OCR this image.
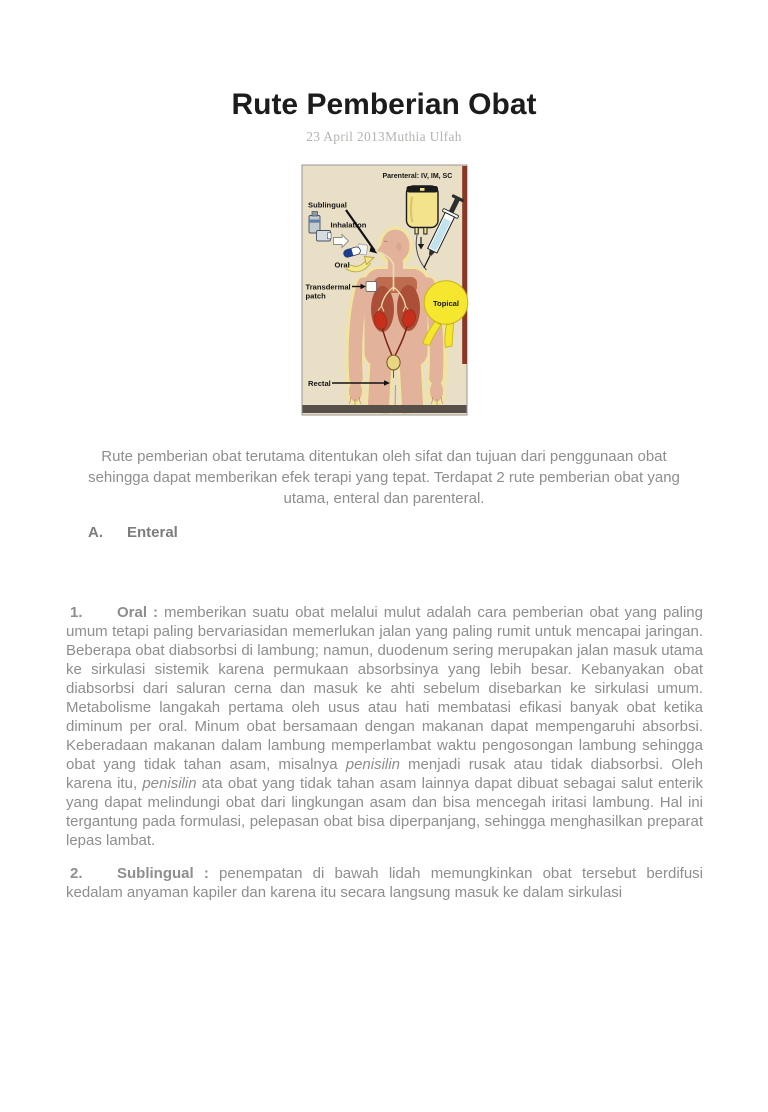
Rute Pemberian Obat
23 April 2013Muthia Ulfah
Topical
Parenteral: IV, IM, SC
Sublingual
Inhalation
Oral
Transdermal
patch
Rectal

Rute pemberian obat terutama ditentukan oleh sifat dan tujuan dari penggunaan obat sehingga dapat memberikan efek terapi yang tepat. Terdapat 2 rute pemberian obat yang utama, enteral dan parenteral.

A. Enteral

1. Oral : memberikan suatu obat melalui mulut adalah cara pemberian obat yang paling umum tetapi paling bervariasidan memerlukan jalan yang paling rumit untuk mencapai jaringan. Beberapa obat diabsorbsi di lambung; namun, duodenum sering merupakan jalan masuk utama ke sirkulasi sistemik karena permukaan absorbsinya yang lebih besar. Kebanyakan obat diabsorbsi dari saluran cerna dan masuk ke ahti sebelum disebarkan ke sirkulasi umum. Metabolisme langakah pertama oleh usus atau hati membatasi efikasi banyak obat ketika diminum per oral. Minum obat bersamaan dengan makanan dapat mempengaruhi absorbsi. Keberadaan makanan dalam lambung memperlambat waktu pengosongan lambung sehingga obat yang tidak tahan asam, misalnya penisilin menjadi rusak atau tidak diabsorbsi. Oleh karena itu, penisilin ata obat yang tidak tahan asam lainnya dapat dibuat sebagai salut enterik yang dapat melindungi obat dari lingkungan asam dan bisa mencegah iritasi lambung. Hal ini tergantung pada formulasi, pelepasan obat bisa diperpanjang, sehingga menghasilkan preparat lepas lambat.

2. Sublingual : penempatan di bawah lidah memungkinkan obat tersebut berdifusi kedalam anyaman kapiler dan karena itu secara langsung masuk ke dalam sirkulasi
